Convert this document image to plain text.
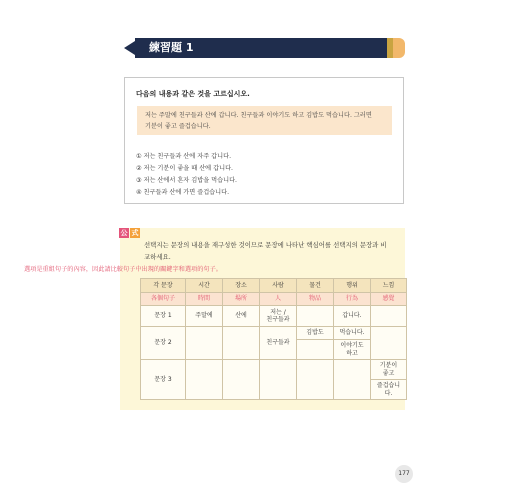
練習題 1
다음의 내용과 같은 것을 고르십시오.
저는 주말에 친구들과 산에 갑니다. 친구들과 이야기도 하고 김밥도 먹습니다. 그러면
기분이 좋고 즐겁습니다.
① 저는 친구들과 산에 자주 갑니다.
② 저는 기분이 좋을 때 산에 갑니다.
③ 저는 산에서 혼자 김밥을 먹습니다.
④ 친구들과 산에 가면 즐겁습니다.
公 式
선택지는 문장의 내용을 재구성한 것이므로 문장에 나타난 핵심어를 선택지의 문장과 비
교하세요.
選項是重組句子的內容，因此請比較句子中出現的關鍵字和選項的句子。
각 문장	시간	장소	사람	물건	행위	느낌
各個句子	時間	場所	人	物品	行為	感覺
문장 1	주말에	산에	저는 /
친구들과		갑니다.	
문장 2			친구들과	김밥도	먹습니다.	
					이야기도
하고	
문장 3						기분이
좋고
						즐겁습니
다.
177
